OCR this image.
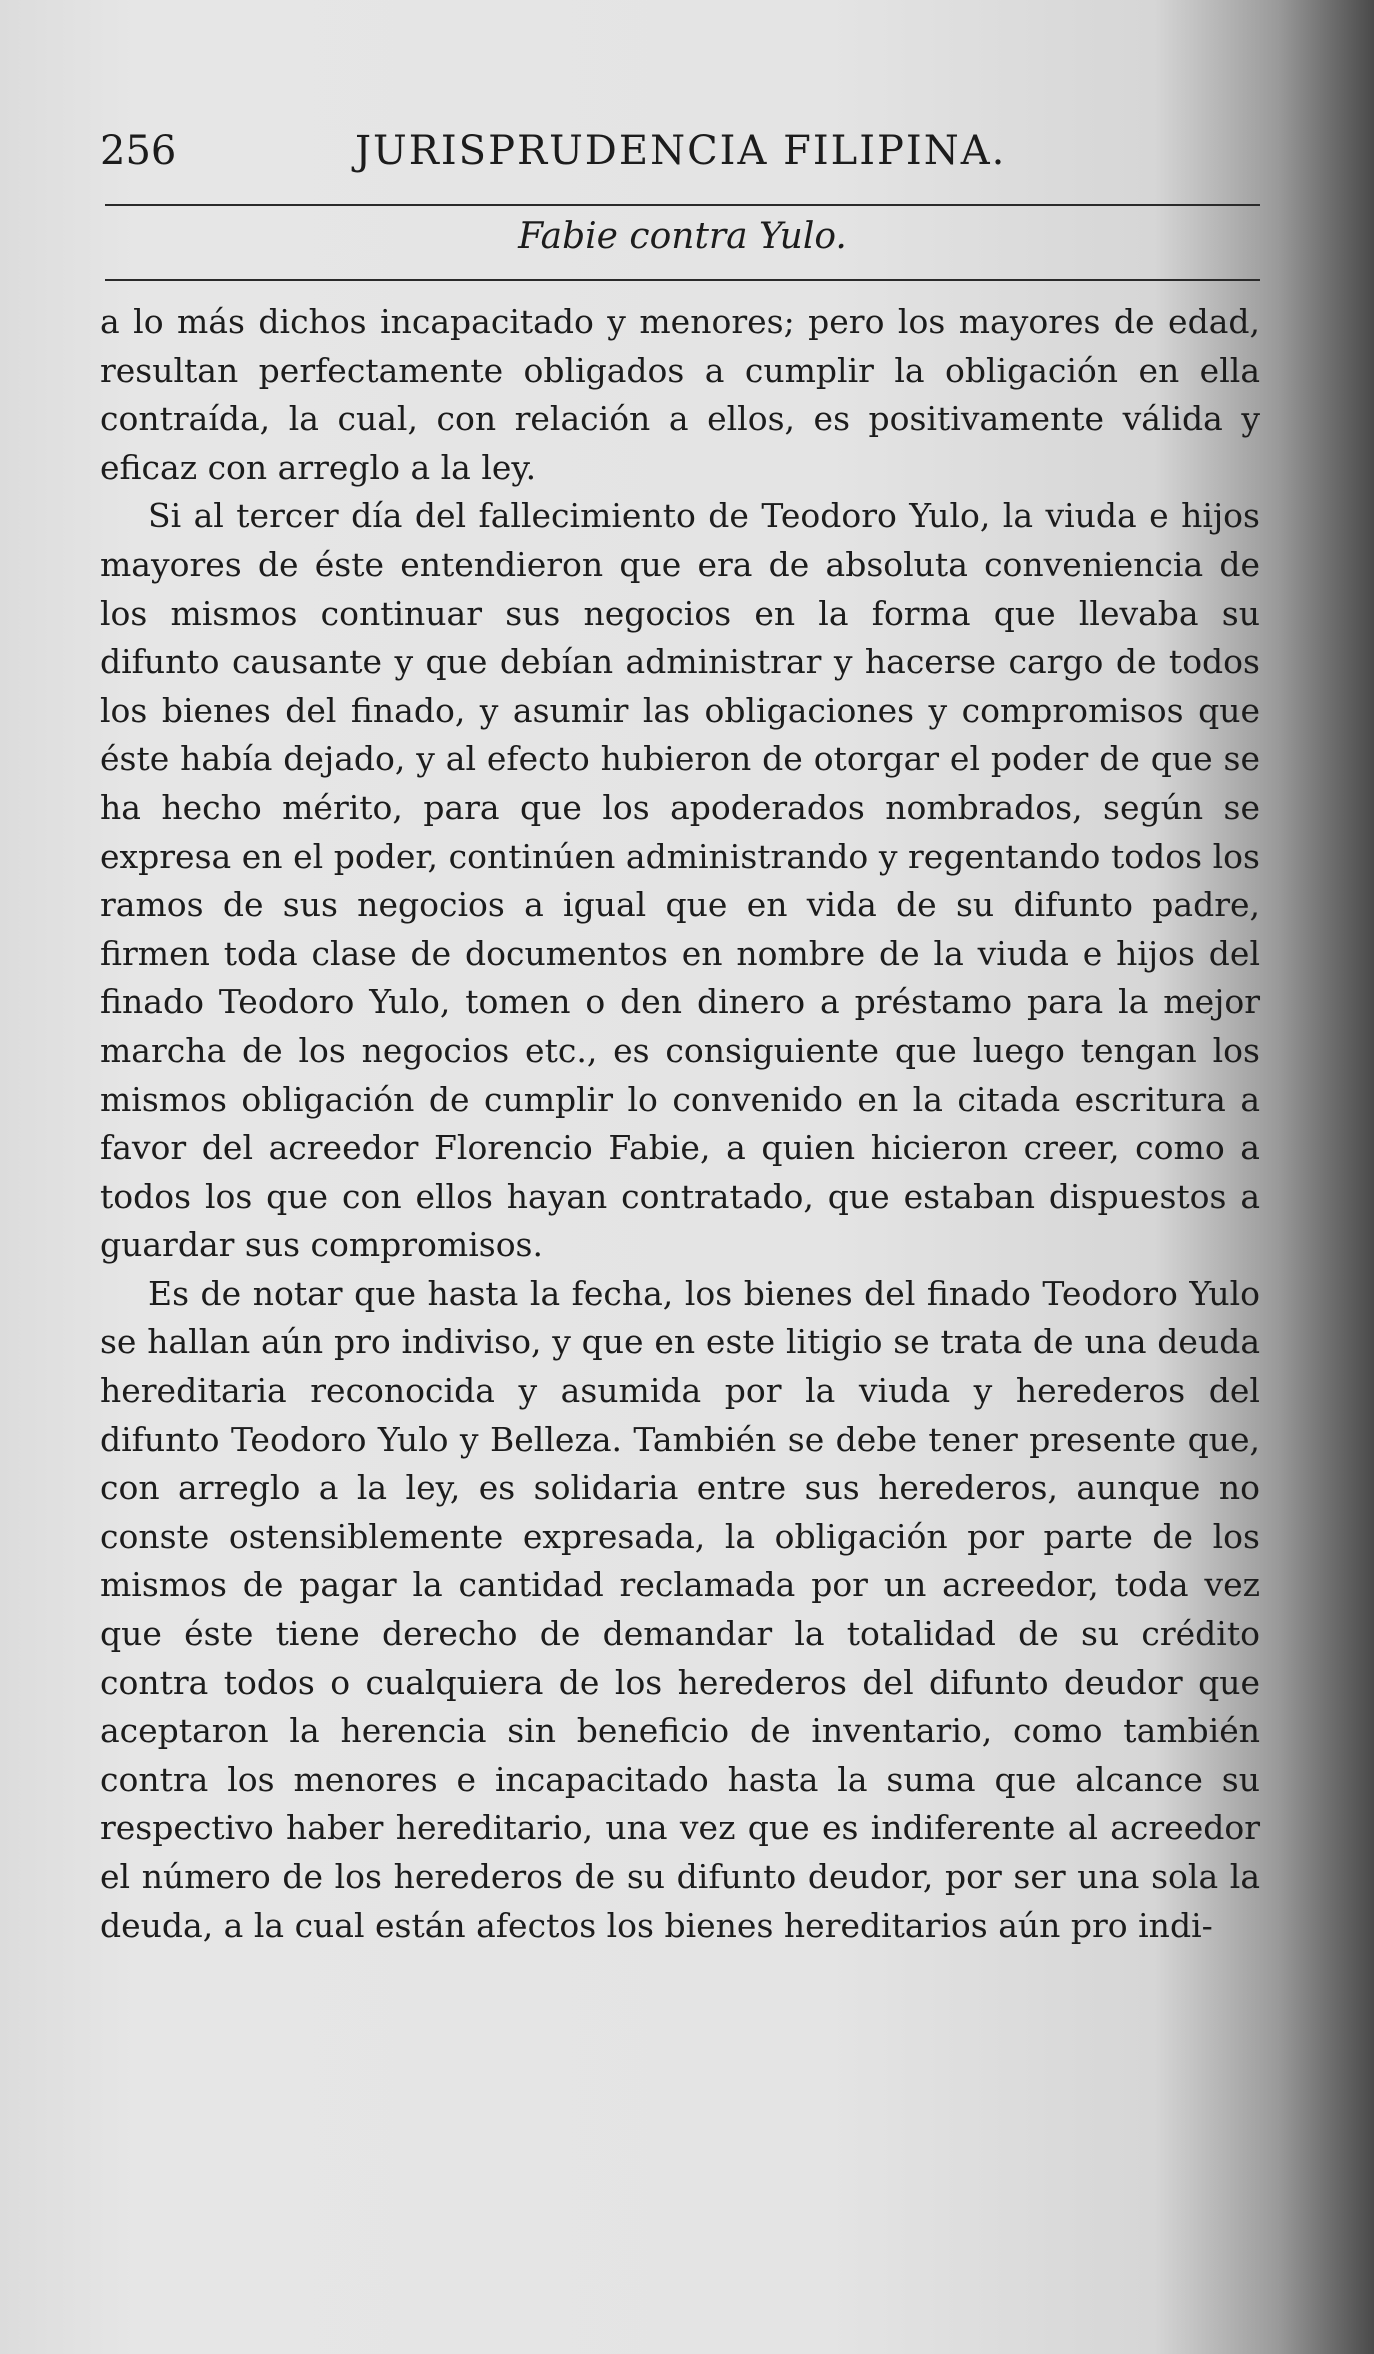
256	JURISPRUDENCIA FILIPINA.
Fabie contra Yulo.

a lo más dichos incapacitado y menores; pero los mayores de edad, resultan perfectamente obligados a cumplir la obligación en ella contraída, la cual, con relación a ellos, es positivamente válida y eficaz con arreglo a la ley.

Si al tercer día del fallecimiento de Teodoro Yulo, la viuda e hijos mayores de éste entendieron que era de absoluta conveniencia de los mismos continuar sus negocios en la forma que llevaba su difunto causante y que debían administrar y hacerse cargo de todos los bienes del finado, y asumir las obligaciones y compromisos que éste había dejado, y al efecto hubieron de otorgar el poder de que se ha hecho mérito, para que los apoderados nombrados, según se expresa en el poder, continúen administrando y regentando todos los ramos de sus negocios a igual que en vida de su difunto padre, firmen toda clase de documentos en nombre de la viuda e hijos del finado Teodoro Yulo, tomen o den dinero a préstamo para la mejor marcha de los negocios etc., es consiguiente que luego tengan los mismos obligación de cumplir lo convenido en la citada escritura a favor del acreedor Florencio Fabie, a quien hicieron creer, como a todos los que con ellos hayan contratado, que estaban dispuestos a guardar sus compromisos.

Es de notar que hasta la fecha, los bienes del finado Teodoro Yulo se hallan aún pro indiviso, y que en este litigio se trata de una deuda hereditaria reconocida y asumida por la viuda y herederos del difunto Teodoro Yulo y Belleza. También se debe tener presente que, con arreglo a la ley, es solidaria entre sus herederos, aunque no conste ostensiblemente expresada, la obligación por parte de los mismos de pagar la cantidad reclamada por un acreedor, toda vez que éste tiene derecho de demandar la totalidad de su crédito contra todos o cualquiera de los herederos del difunto deudor que aceptaron la herencia sin beneficio de inventario, como también contra los menores e incapacitado hasta la suma que alcance su respectivo haber hereditario, una vez que es indiferente al acreedor el número de los herederos de su difunto deudor, por ser una sola la deuda, a la cual están afectos los bienes hereditarios aún pro indi-
